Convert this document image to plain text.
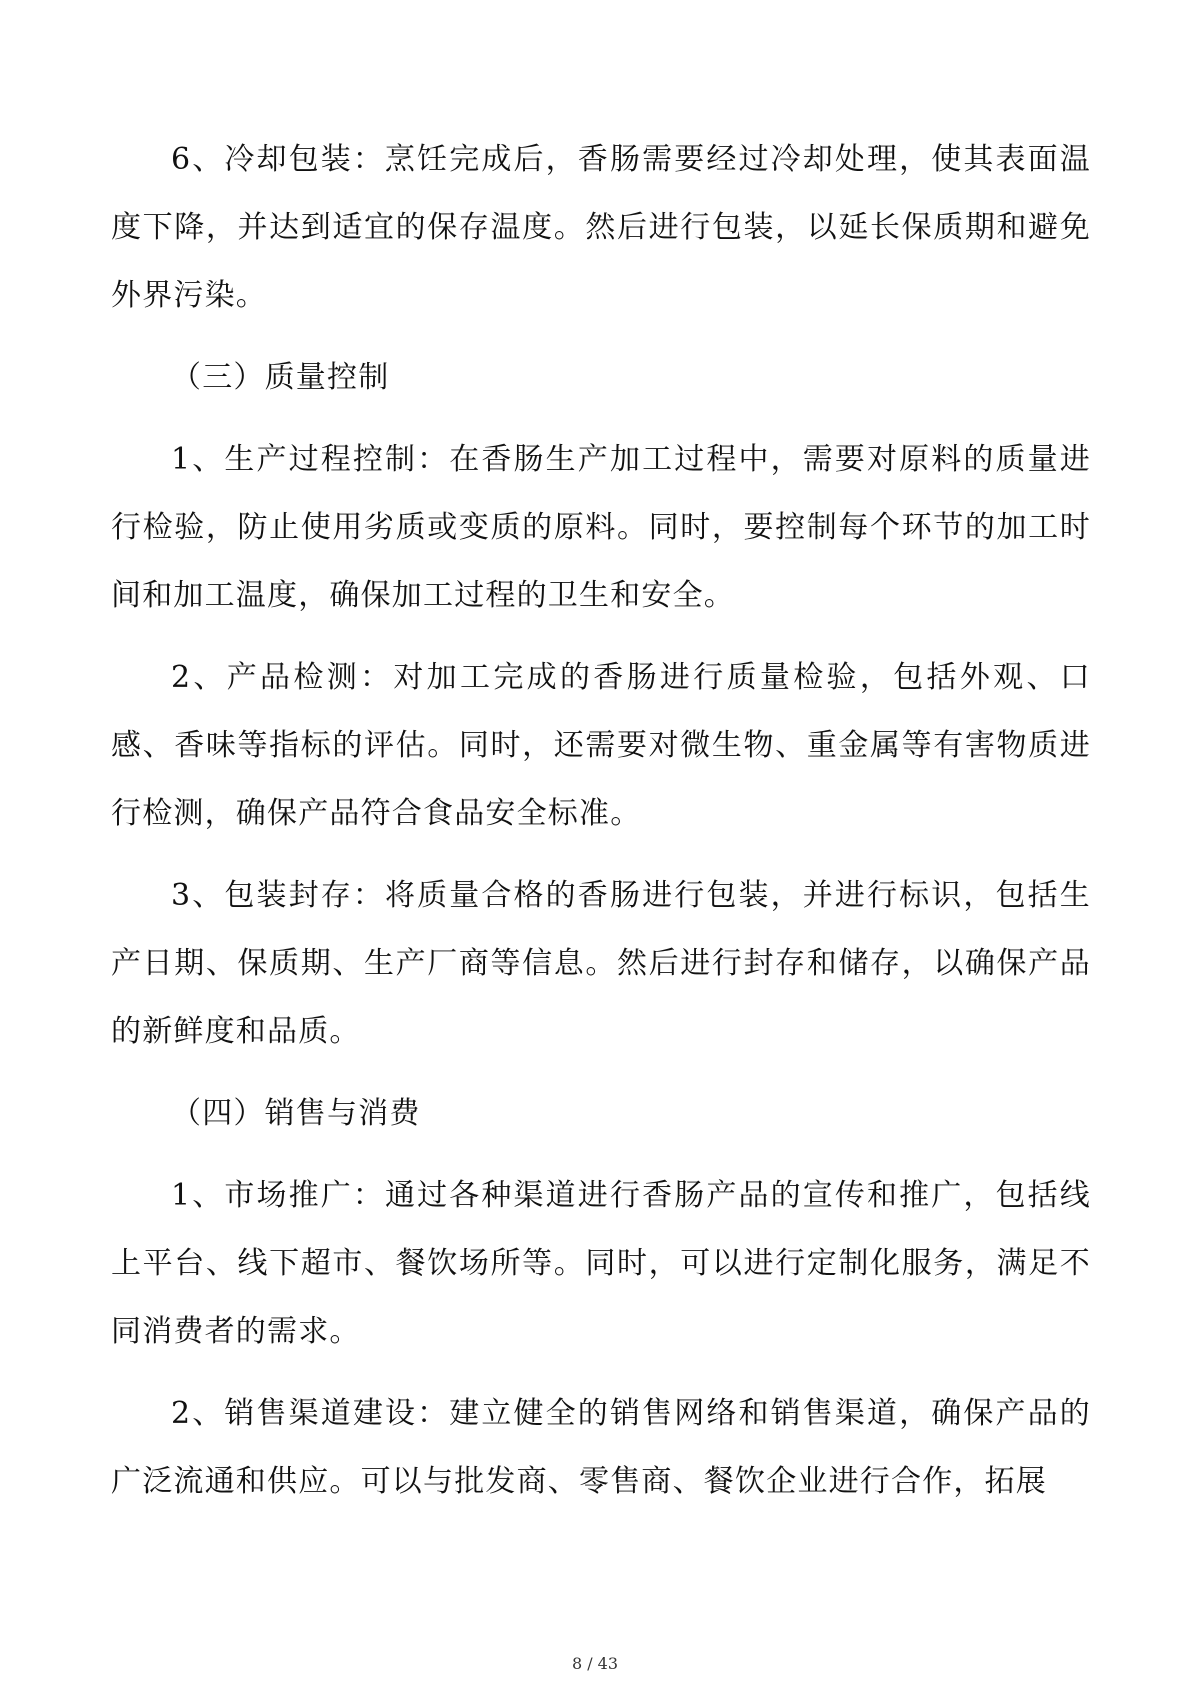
6、冷却包装：烹饪完成后，香肠需要经过冷却处理，使其表面温度下降，并达到适宜的保存温度。然后进行包装，以延长保质期和避免外界污染。

（三）质量控制

1、生产过程控制：在香肠生产加工过程中，需要对原料的质量进行检验，防止使用劣质或变质的原料。同时，要控制每个环节的加工时间和加工温度，确保加工过程的卫生和安全。

2、产品检测：对加工完成的香肠进行质量检验，包括外观、口感、香味等指标的评估。同时，还需要对微生物、重金属等有害物质进行检测，确保产品符合食品安全标准。

3、包装封存：将质量合格的香肠进行包装，并进行标识，包括生产日期、保质期、生产厂商等信息。然后进行封存和储存，以确保产品的新鲜度和品质。

（四）销售与消费

1、市场推广：通过各种渠道进行香肠产品的宣传和推广，包括线上平台、线下超市、餐饮场所等。同时，可以进行定制化服务，满足不同消费者的需求。

2、销售渠道建设：建立健全的销售网络和销售渠道，确保产品的广泛流通和供应。可以与批发商、零售商、餐饮企业进行合作，拓展

8 / 43
